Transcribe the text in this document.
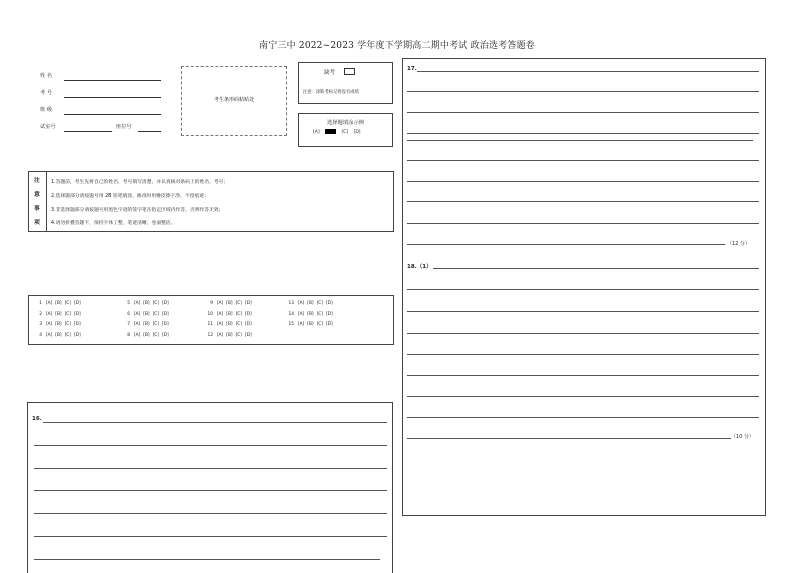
南宁三中 2022~2023 学年度下学期高二期中考试 政治选考答题卷
姓 名
考 号
班 级
试室号	座位号
考生条形码粘贴处
缺考
注意：涂缺考标记将没有成绩
选择题填涂示例
[A]	[C] [D]
注
意
事
项
1.答题前，考生先将自己的姓名、考号填写清楚，并认真核对条码上的姓名、考号；
2.选择题部分请按题号用 2B 铅笔填涂，修改时用橡皮擦干净，不留痕迹；
3.非选择题部分请按题号用黑色字迹的签字笔在指定区域内作答，否则作答无效；
4.请勿折叠答题卡，保持字体工整，笔迹清晰，卷面整洁。
1 [A] [B] [C] [D]
2 [A] [B] [C] [D]
3 [A] [B] [C] [D]
4 [A] [B] [C] [D]
5 [A] [B] [C] [D]
6 [A] [B] [C] [D]
7 [A] [B] [C] [D]
8 [A] [B] [C] [D]
9 [A] [B] [C] [D]
10 [A] [B] [C] [D]
11 [A] [B] [C] [D]
12 [A] [B] [C] [D]
13 [A] [B] [C] [D]
14 [A] [B] [C] [D]
15 [A] [B] [C] [D]
16.
17.
（12 分）
18.（1）
（10 分）
